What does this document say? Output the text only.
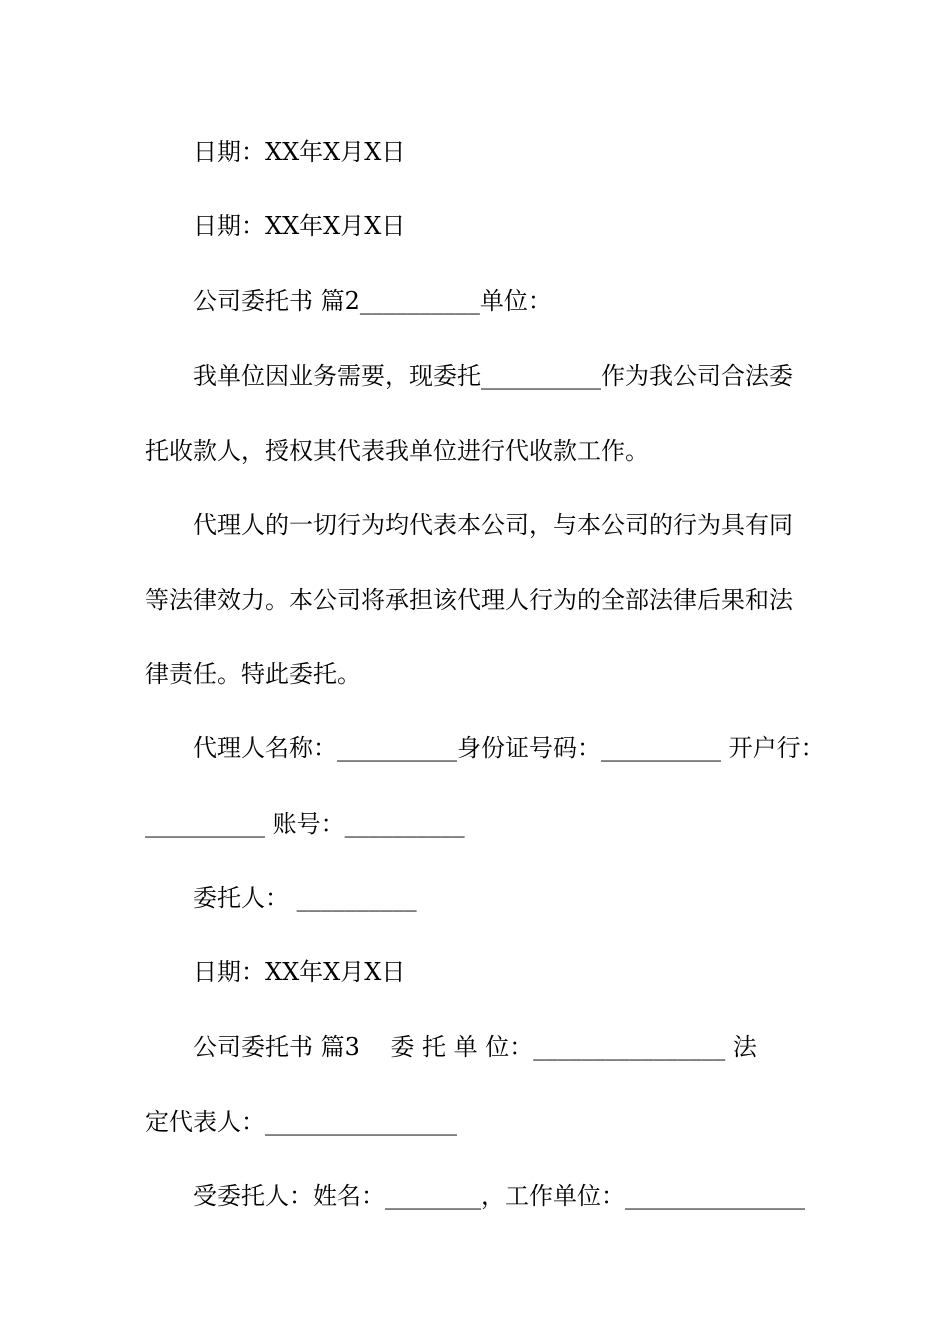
日期：XX年X月X日
日期：XX年X月X日
公司委托书 篇2__________单位：
我单位因业务需要，现委托__________作为我公司合法委
托收款人，授权其代表我单位进行代收款工作。
代理人的一切行为均代表本公司，与本公司的行为具有同
等法律效力。本公司将承担该代理人行为的全部法律后果和法
律责任。特此委托。
代理人名称：__________身份证号码：__________ 开户行：
__________ 账号：__________
委托人： __________
日期：XX年X月X日
公司委托书 篇3    委 托 单 位：________________ 法
定代表人：________________
受委托人：姓名：________，工作单位：_______________
